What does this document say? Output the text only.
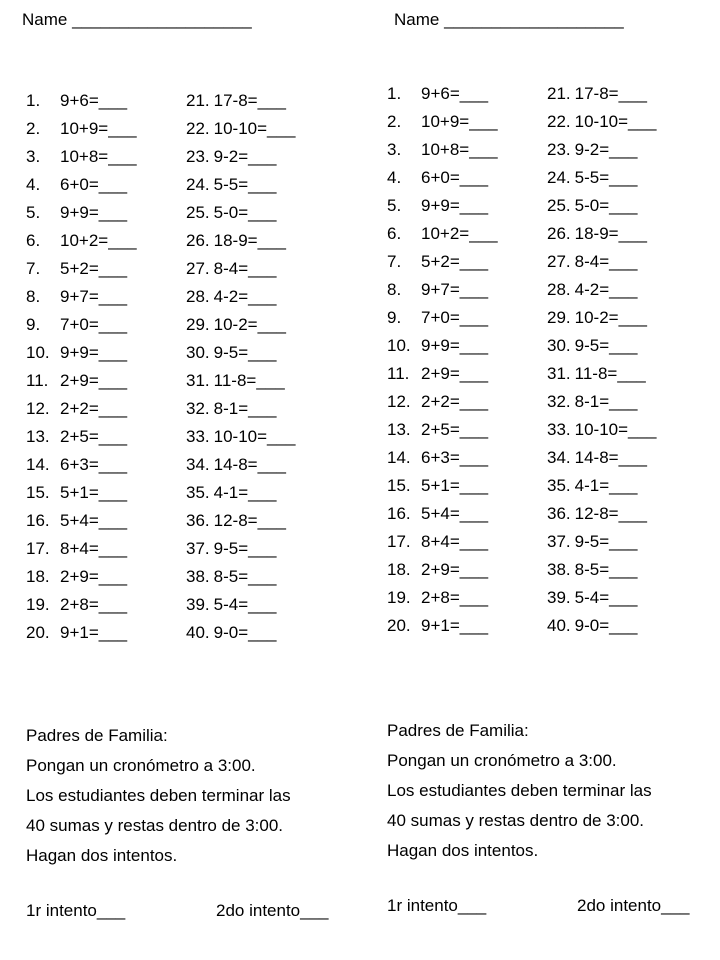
Name ___________________
1. 9+6=___
2. 10+9=___
3. 10+8=___
4. 6+0=___
5. 9+9=___
6. 10+2=___
7. 5+2=___
8. 9+7=___
9. 7+0=___
10. 9+9=___
11. 2+9=___
12. 2+2=___
13. 2+5=___
14. 6+3=___
15. 5+1=___
16. 5+4=___
17. 8+4=___
18. 2+9=___
19. 2+8=___
20. 9+1=___
21. 17-8=___
22. 10-10=___
23. 9-2=___
24. 5-5=___
25. 5-0=___
26. 18-9=___
27. 8-4=___
28. 4-2=___
29. 10-2=___
30. 9-5=___
31. 11-8=___
32. 8-1=___
33. 10-10=___
34. 14-8=___
35. 4-1=___
36. 12-8=___
37. 9-5=___
38. 8-5=___
39. 5-4=___
40. 9-0=___
Padres de Familia:
Pongan un cronómetro a 3:00.
Los estudiantes deben terminar las
40 sumas y restas dentro de 3:00.
Hagan dos intentos.
1r intento___	2do intento___
Name ___________________
1. 9+6=___
2. 10+9=___
3. 10+8=___
4. 6+0=___
5. 9+9=___
6. 10+2=___
7. 5+2=___
8. 9+7=___
9. 7+0=___
10. 9+9=___
11. 2+9=___
12. 2+2=___
13. 2+5=___
14. 6+3=___
15. 5+1=___
16. 5+4=___
17. 8+4=___
18. 2+9=___
19. 2+8=___
20. 9+1=___
21. 17-8=___
22. 10-10=___
23. 9-2=___
24. 5-5=___
25. 5-0=___
26. 18-9=___
27. 8-4=___
28. 4-2=___
29. 10-2=___
30. 9-5=___
31. 11-8=___
32. 8-1=___
33. 10-10=___
34. 14-8=___
35. 4-1=___
36. 12-8=___
37. 9-5=___
38. 8-5=___
39. 5-4=___
40. 9-0=___
Padres de Familia:
Pongan un cronómetro a 3:00.
Los estudiantes deben terminar las
40 sumas y restas dentro de 3:00.
Hagan dos intentos.
1r intento___	2do intento___
